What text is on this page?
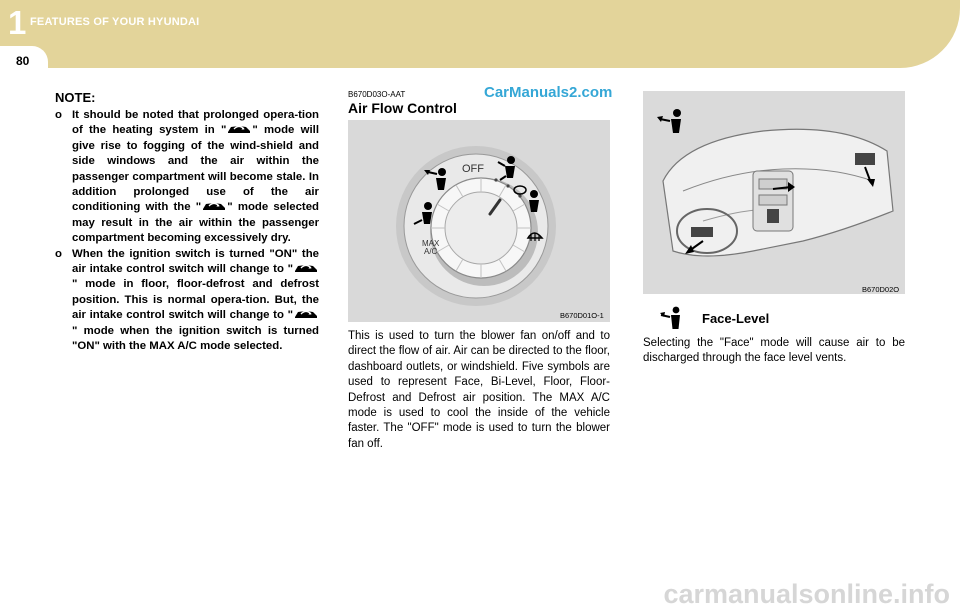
1 FEATURES OF YOUR HYUNDAI
80
CarManuals2.com
carmanualsonline.info
NOTE:
o It should be noted that prolonged opera-tion of the heating system in " " mode will give rise to fogging of the wind-shield and side windows and the air within the passenger compartment will become stale. In addition prolonged use of the air conditioning with the " " mode selected may result in the air within the passenger compartment becoming excessively dry.
o When the ignition switch is turned "ON" the air intake control switch will change to "" mode in floor, floor-defrost and defrost position. This is normal opera-tion. But, the air intake control switch will change to "" mode when the ignition switch is turned "ON" with the MAX A/C mode selected.
B670D03O-AAT
Air Flow Control
OFF
MAX
A/C
B670D01O-1
This is used to turn the blower fan on/off and to direct the flow of air. Air can be directed to the floor, dashboard outlets, or windshield. Five symbols are used to represent Face, Bi-Level, Floor, Floor-Defrost and Defrost air position. The MAX A/C mode is used to cool the inside of the vehicle faster. The "OFF" mode is used to turn the blower fan off.
B670D02O
Face-Level
Selecting the "Face" mode will cause air to be discharged through the face level vents.
